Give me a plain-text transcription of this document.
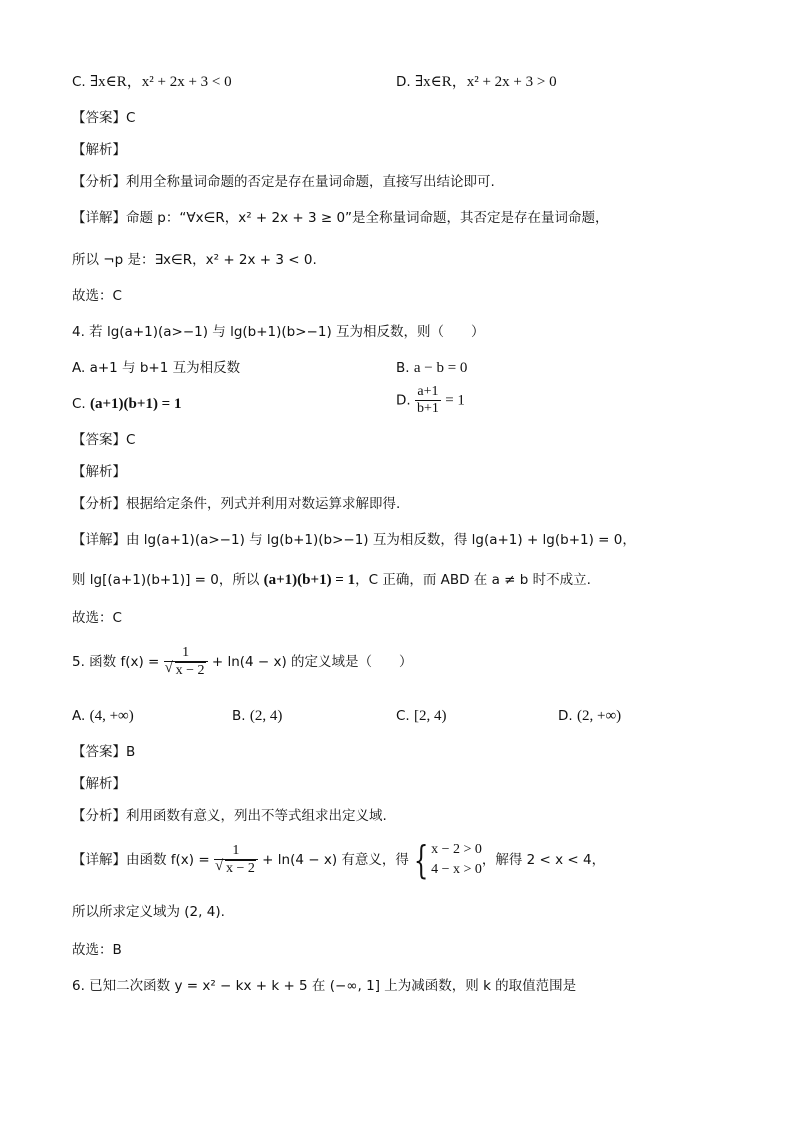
C. ∃x∈R，x² + 2x + 3 < 0	D. ∃x∈R，x² + 2x + 3 > 0
【答案】C
【解析】
【分析】利用全称量词命题的否定是存在量词命题，直接写出结论即可.
【详解】命题 p：“∀x∈R，x² + 2x + 3 ≥ 0”是全称量词命题，其否定是存在量词命题，
所以 ¬p 是：∃x∈R，x² + 2x + 3 < 0.
故选：C
4. 若 lg(a+1)(a>−1) 与 lg(b+1)(b>−1) 互为相反数，则（　　）
A. a+1 与 b+1 互为相反数	B. a − b = 0
C. (a+1)(b+1) = 1	D. $\frac{a+1}{b+1} = 1$
【答案】C
【解析】
【分析】根据给定条件，列式并利用对数运算求解即得.
【详解】由 lg(a+1)(a>−1) 与 lg(b+1)(b>−1) 互为相反数，得 lg(a+1) + lg(b+1) = 0，
则 lg[(a+1)(b+1)] = 0，所以 (a+1)(b+1) = 1，C 正确，而 ABD 在 a ≠ b 时不成立.
故选：C
5. 函数 f(x) = 1
√ x − 2 + ln(4 − x) 的定义域是（　　）
A. (4, +∞)	B. (2, 4)	C. [2, 4)	D. (2, +∞)
【答案】B
【解析】
【分析】利用函数有意义，列出不等式组求出定义域.
【详解】由函数 f(x) = 1
√ x − 2 + ln(4 − x) 有意义，得 { x − 2 > 0
4 − x > 0
，解得 2 < x < 4，
所以所求定义域为 (2, 4).
故选：B
6. 已知二次函数 y = x² − kx + k + 5 在 (−∞, 1] 上为减函数，则 k 的取值范围是
